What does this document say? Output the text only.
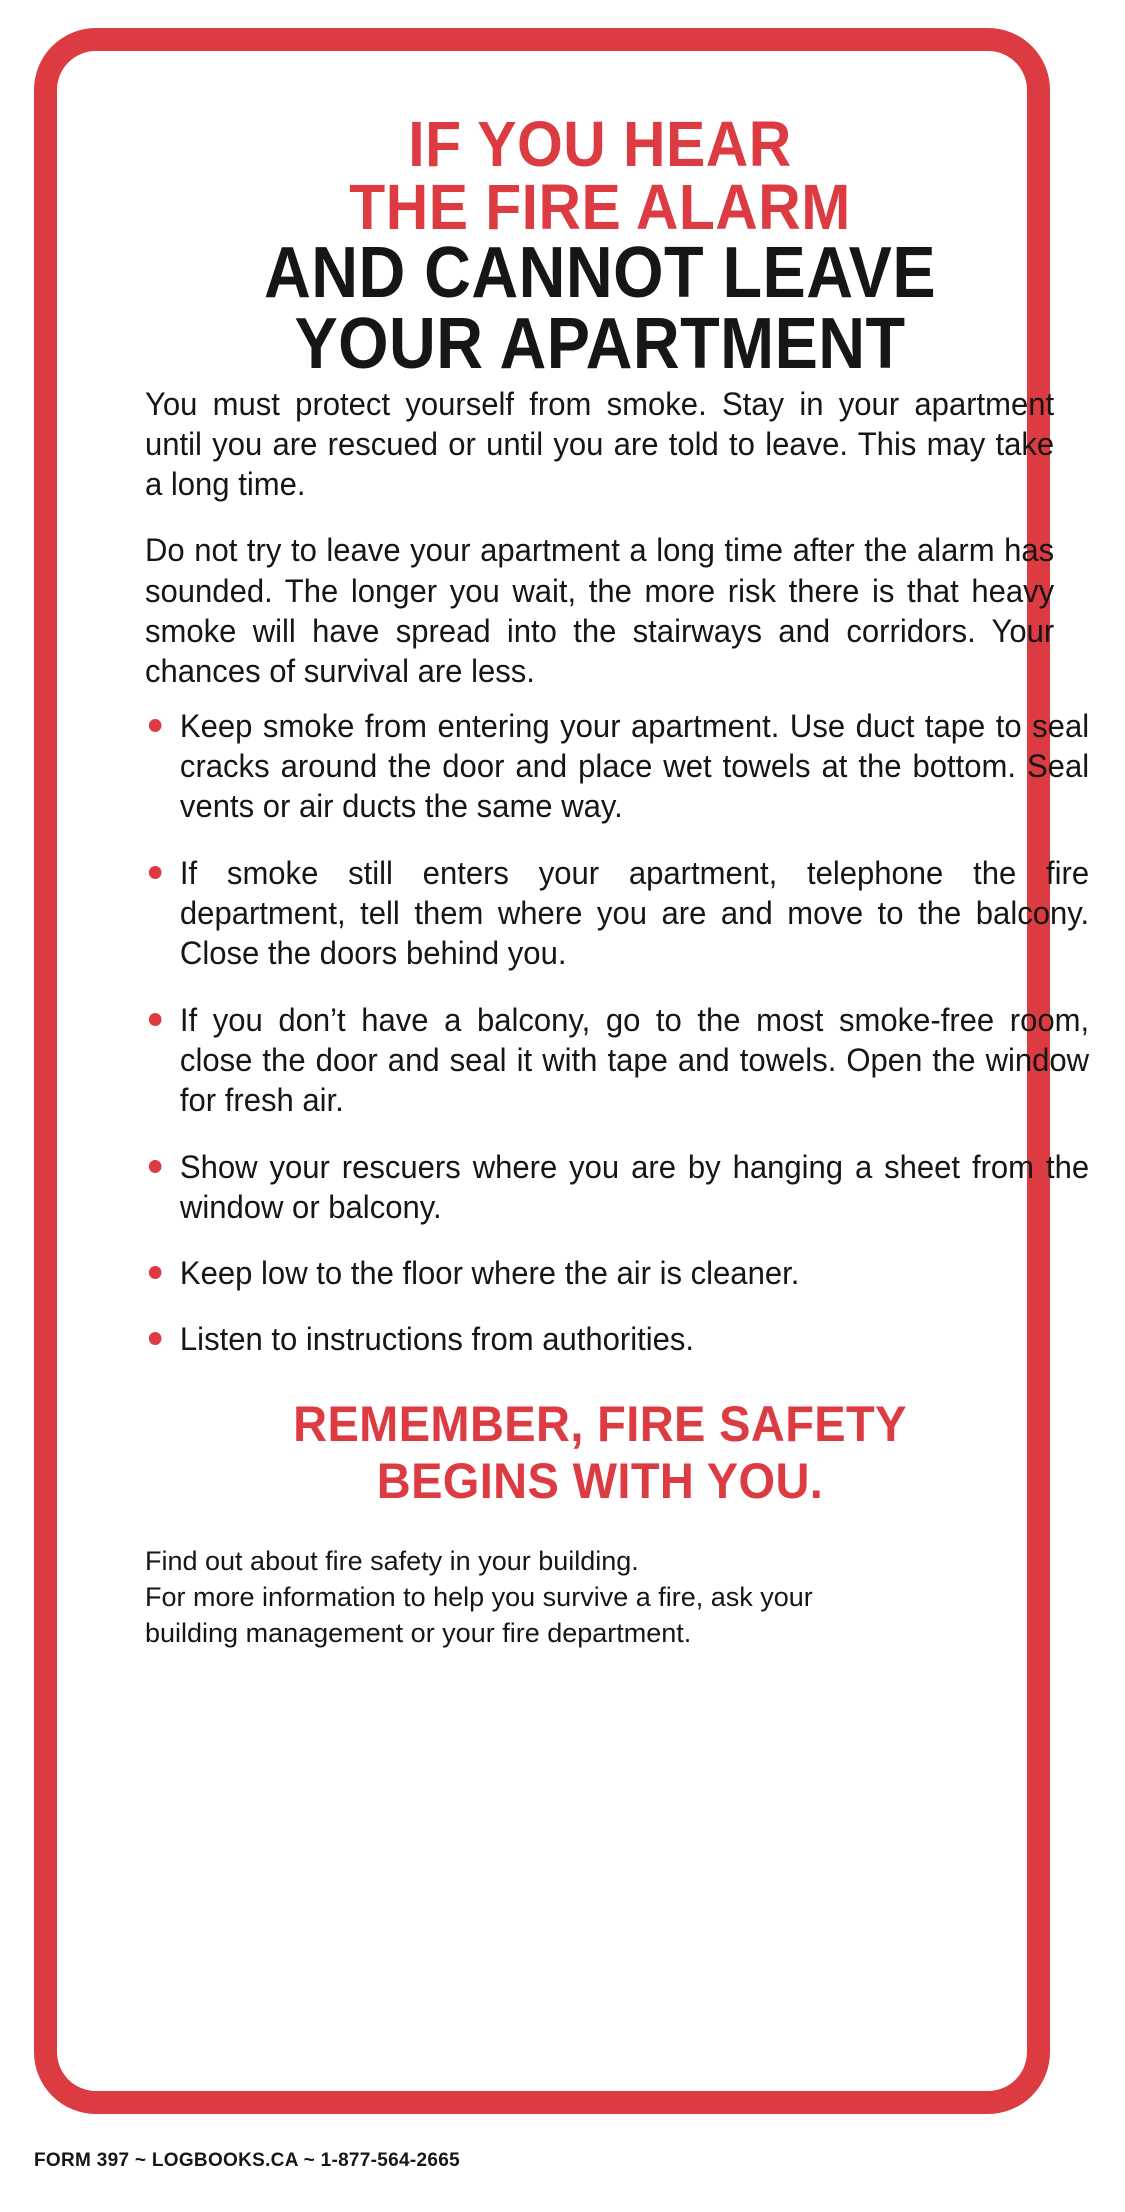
IF YOU HEAR
THE FIRE ALARM
AND CANNOT LEAVE
YOUR APARTMENT

You must protect yourself from smoke. Stay in your apartment until you are rescued or until you are told to leave. This may take a long time.

Do not try to leave your apartment a long time after the alarm has sounded. The longer you wait, the more risk there is that heavy smoke will have spread into the stairways and corridors. Your chances of survival are less.

Keep smoke from entering your apartment. Use duct tape to seal cracks around the door and place wet towels at the bottom. Seal vents or air ducts the same way.
If smoke still enters your apartment, telephone the fire department, tell them where you are and move to the balcony. Close the doors behind you.
If you don’t have a balcony, go to the most smoke-free room, close the door and seal it with tape and towels. Open the window for fresh air.
Show your rescuers where you are by hanging a sheet from the window or balcony.
Keep low to the floor where the air is cleaner.
Listen to instructions from authorities.
REMEMBER, FIRE SAFETY
BEGINS WITH YOU.
Find out about fire safety in your building.
For more information to help you survive a fire, ask your
building management or your fire department.
FORM 397 ~ LOGBOOKS.CA ~ 1-877-564-2665
